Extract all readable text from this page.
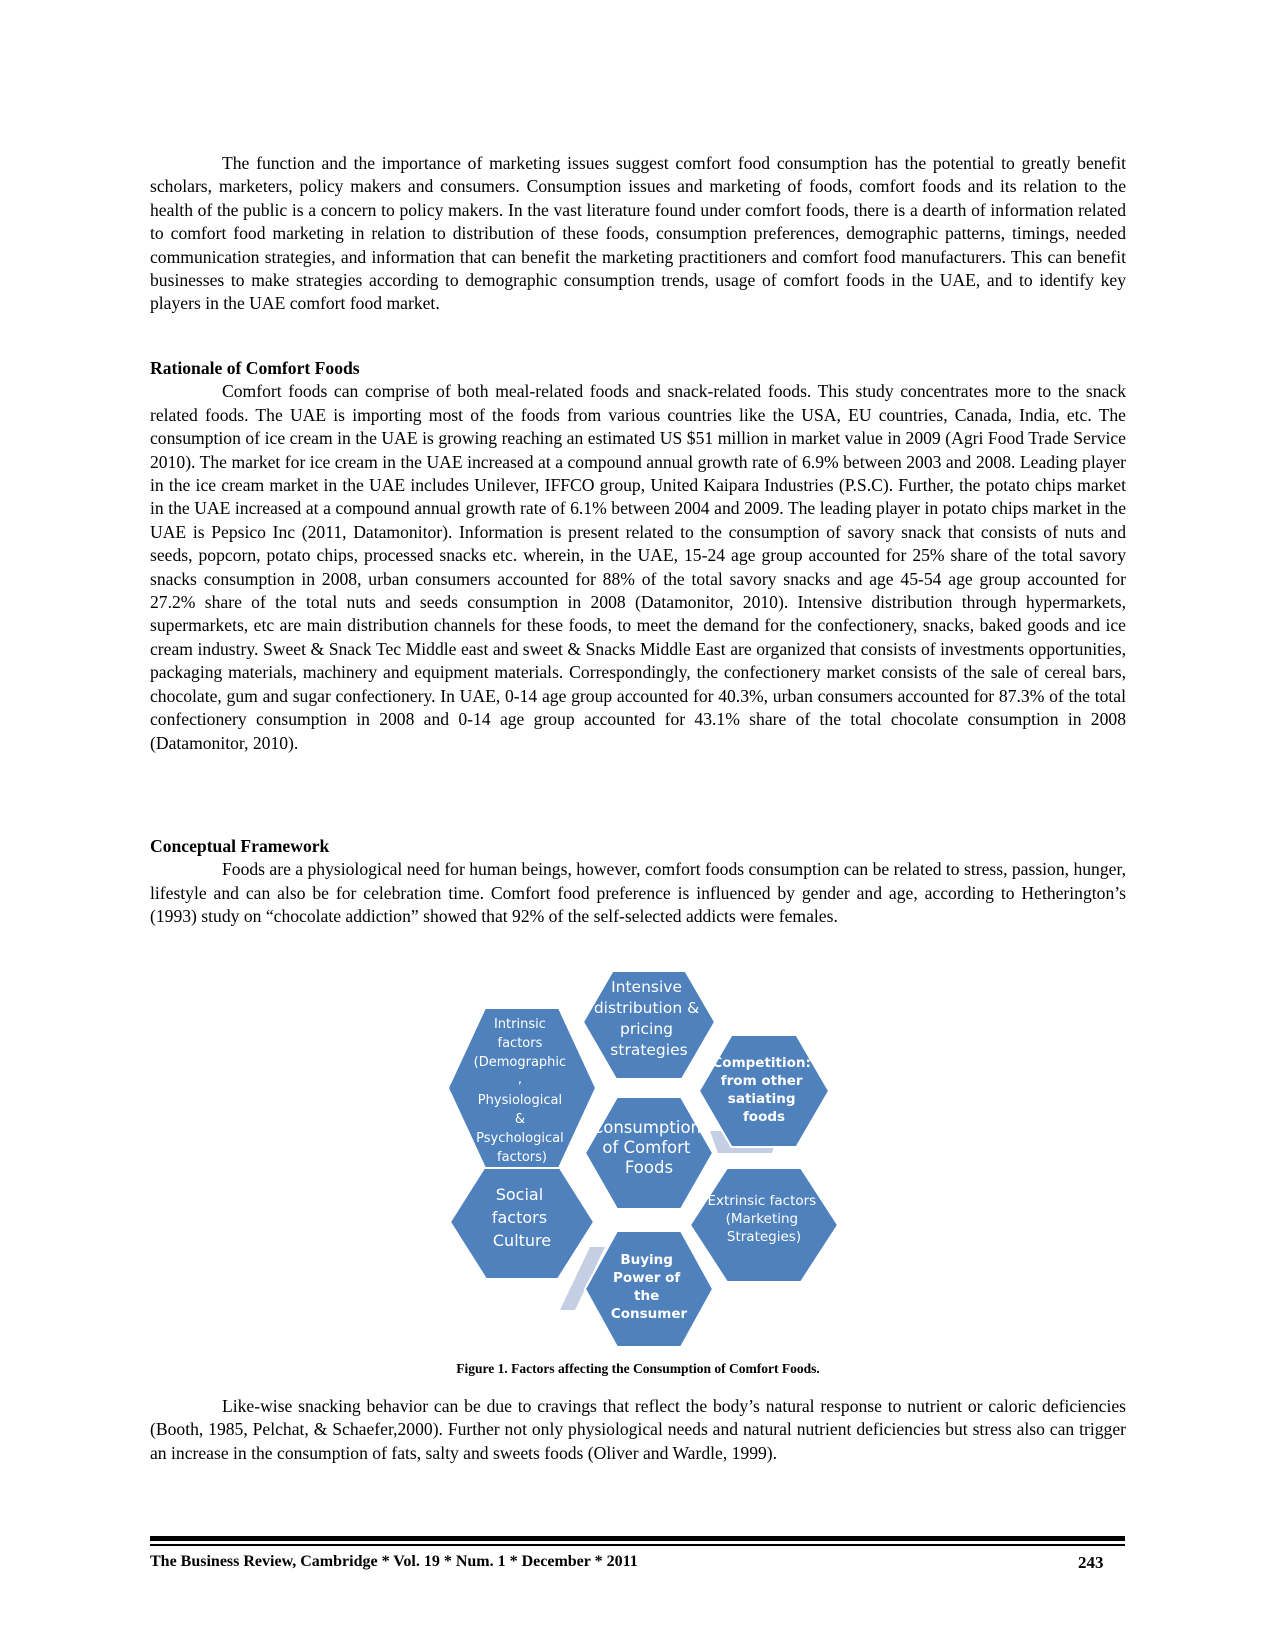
The function and the importance of marketing issues suggest comfort food consumption has the potential to greatly benefit scholars, marketers, policy makers and consumers. Consumption issues and marketing of foods, comfort foods and its relation to the health of the public is a concern to policy makers. In the vast literature found under comfort foods, there is a dearth of information related to comfort food marketing in relation to distribution of these foods, consumption preferences, demographic patterns, timings, needed communication strategies, and information that can benefit the marketing practitioners and comfort food manufacturers. This can benefit businesses to make strategies according to demographic consumption trends, usage of comfort foods in the UAE, and to identify key players in the UAE comfort food market.

Rationale of Comfort Foods

Comfort foods can comprise of both meal-related foods and snack-related foods. This study concentrates more to the snack related foods. The UAE is importing most of the foods from various countries like the USA, EU countries, Canada, India, etc. The consumption of ice cream in the UAE is growing reaching an estimated US $51 million in market value in 2009 (Agri Food Trade Service 2010). The market for ice cream in the UAE increased at a compound annual growth rate of 6.9% between 2003 and 2008. Leading player in the ice cream market in the UAE includes Unilever, IFFCO group, United Kaipara Industries (P.S.C). Further, the potato chips market in the UAE increased at a compound annual growth rate of 6.1% between 2004 and 2009. The leading player in potato chips market in the UAE is Pepsico Inc (2011, Datamonitor). Information is present related to the consumption of savory snack that consists of nuts and seeds, popcorn, potato chips, processed snacks etc. wherein, in the UAE, 15-24 age group accounted for 25% share of the total savory snacks consumption in 2008, urban consumers accounted for 88% of the total savory snacks and age 45-54 age group accounted for 27.2% share of the total nuts and seeds consumption in 2008 (Datamonitor, 2010). Intensive distribution through hypermarkets, supermarkets, etc are main distribution channels for these foods, to meet the demand for the confectionery, snacks, baked goods and ice cream industry. Sweet & Snack Tec Middle east and sweet & Snacks Middle East are organized that consists of investments opportunities, packaging materials, machinery and equipment materials. Correspondingly, the confectionery market consists of the sale of cereal bars, chocolate, gum and sugar confectionery. In UAE, 0-14 age group accounted for 40.3%, urban consumers accounted for 87.3% of the total confectionery consumption in 2008 and 0-14 age group accounted for 43.1% share of the total chocolate consumption in 2008 (Datamonitor, 2010).

Conceptual Framework

Foods are a physiological need for human beings, however, comfort foods consumption can be related to stress, passion, hunger, lifestyle and can also be for celebration time. Comfort food preference is influenced by gender and age, according to Hetherington’s (1993) study on “chocolate addiction” showed that 92% of the self-selected addicts were females.

Consumption of Comfort Foods
Intensive distribution & pricing strategies
Competition: from other satiating foods
Extrinsic factors (Marketing Strategies)
Buying Power of the Consumer
Social factors Culture
Intrinsic factors (Demographic , Physiological & Psychological factors)
Figure 1. Factors affecting the Consumption of Comfort Foods.

Like-wise snacking behavior can be due to cravings that reflect the body’s natural response to nutrient or caloric deficiencies (Booth, 1985, Pelchat, & Schaefer,2000). Further not only physiological needs and natural nutrient deficiencies but stress also can trigger an increase in the consumption of fats, salty and sweets foods (Oliver and Wardle, 1999).

The Business Review, Cambridge * Vol. 19 * Num. 1 * December * 2011	243
